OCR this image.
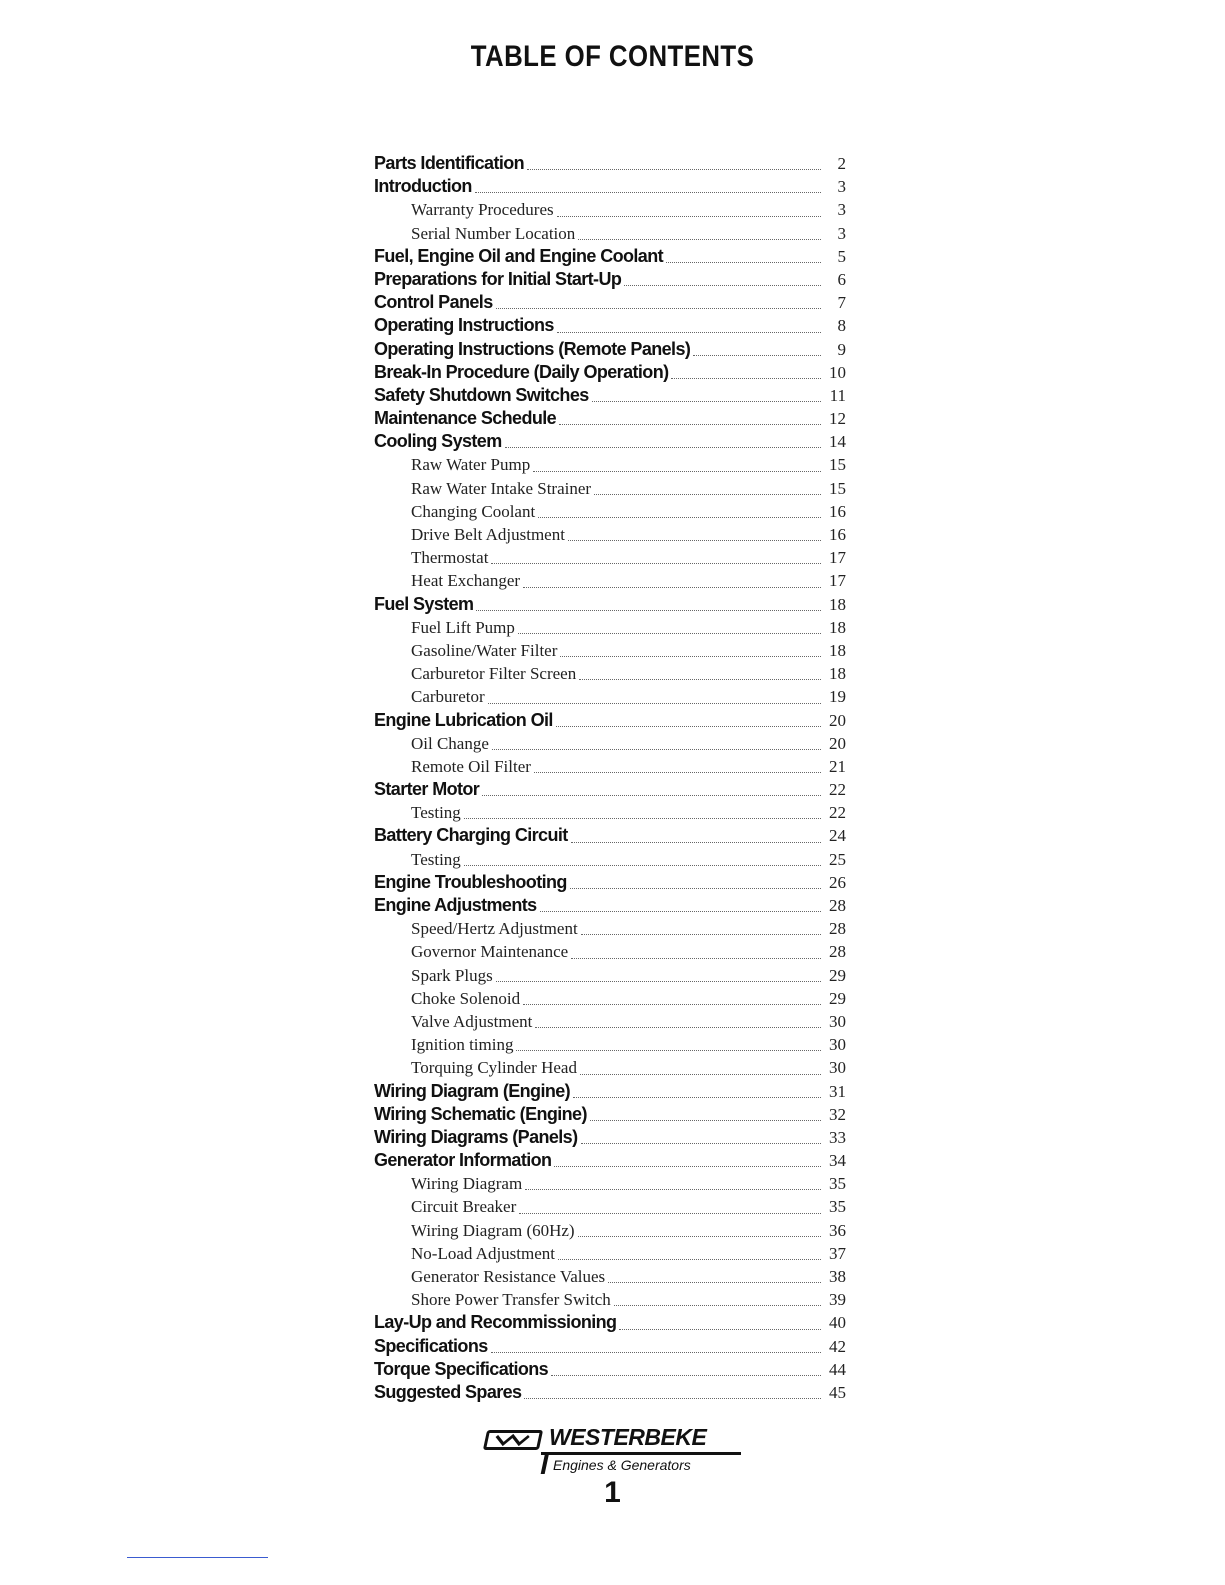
TABLE OF CONTENTS
Parts Identification	2
Introduction	3
Warranty Procedures	3
Serial Number Location	3
Fuel, Engine Oil and Engine Coolant	5
Preparations for Initial Start-Up	6
Control Panels	7
Operating Instructions	8
Operating Instructions (Remote Panels)	9
Break-In Procedure (Daily Operation)	10
Safety Shutdown Switches	11
Maintenance Schedule	12
Cooling System	14
Raw Water Pump	15
Raw Water Intake Strainer	15
Changing Coolant	16
Drive Belt Adjustment	16
Thermostat	17
Heat Exchanger	17
Fuel System	18
Fuel Lift Pump	18
Gasoline/Water Filter	18
Carburetor Filter Screen	18
Carburetor	19
Engine Lubrication Oil	20
Oil Change	20
Remote Oil Filter	21
Starter Motor	22
Testing	22
Battery Charging Circuit	24
Testing	25
Engine Troubleshooting	26
Engine Adjustments	28
Speed/Hertz Adjustment	28
Governor Maintenance	28
Spark Plugs	29
Choke Solenoid	29
Valve Adjustment	30
Ignition timing	30
Torquing Cylinder Head	30
Wiring Diagram (Engine)	31
Wiring Schematic (Engine)	32
Wiring Diagrams (Panels)	33
Generator Information	34
Wiring Diagram	35
Circuit Breaker	35
Wiring Diagram (60Hz)	36
No-Load Adjustment	37
Generator Resistance Values	38
Shore Power Transfer Switch	39
Lay-Up and Recommissioning	40
Specifications	42
Torque Specifications	44
Suggested Spares	45
WESTERBEKE
Engines & Generators
1
